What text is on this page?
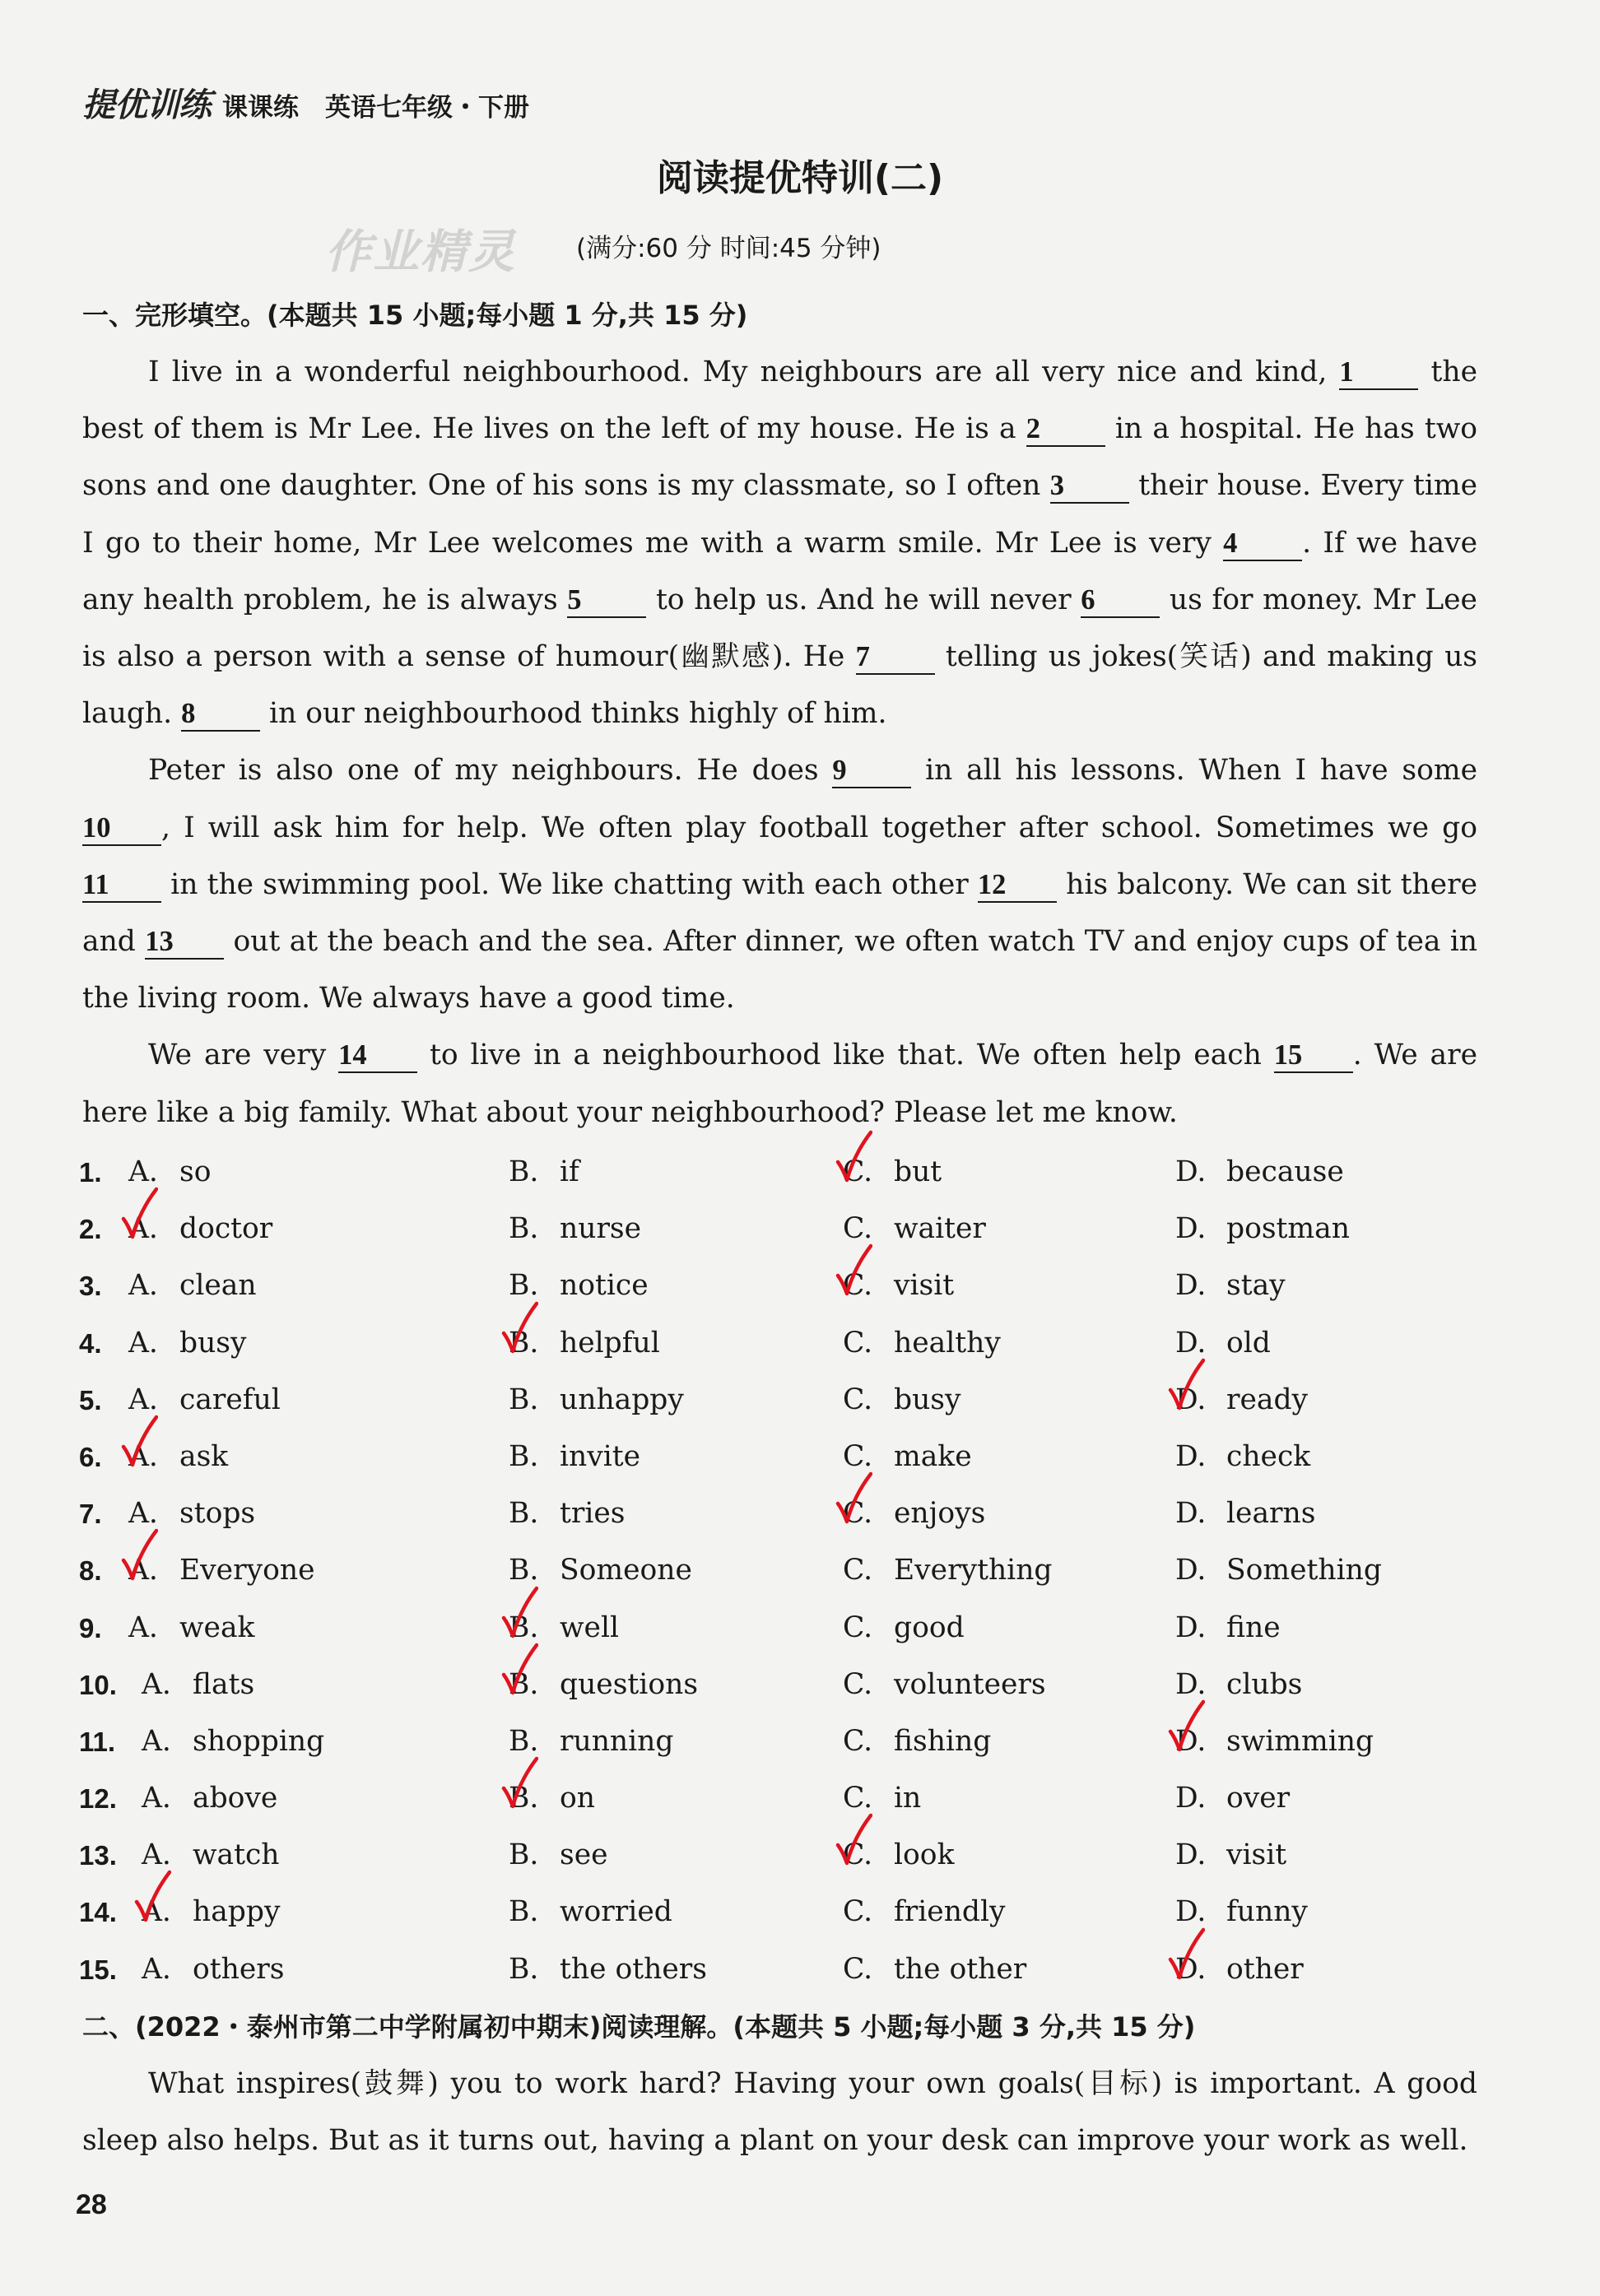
提优训练 课课练 英语七年级・下册
阅读提优特训(二)
作业精灵 (满分:60 分 时间:45 分钟)
一、完形填空。(本题共 15 小题;每小题 1 分,共 15 分)

I live in a wonderful neighbourhood. My neighbours are all very nice and kind, 1 the best of them is Mr Lee. He lives on the left of my house. He is a 2 in a hospital. He has two sons and one daughter. One of his sons is my classmate, so I often 3 their house. Every time I go to their home, Mr Lee welcomes me with a warm smile. Mr Lee is very 4 . If we have any health problem, he is always 5 to help us. And he will never 6 us for money. Mr Lee is also a person with a sense of humour(幽默感). He 7 telling us jokes(笑话) and making us laugh. 8 in our neighbourhood thinks highly of him.

Peter is also one of my neighbours. He does 9 in all his lessons. When I have some 10 , I will ask him for help. We often play football together after school. Sometimes we go 11 in the swimming pool. We like chatting with each other 12 his balcony. We can sit there and 13 out at the beach and the sea. After dinner, we often watch TV and enjoy cups of tea in the living room. We always have a good time.

We are very 14 to live in a neighbourhood like that. We often help each 15 . We are here like a big family. What about your neighbourhood? Please let me know.

1. A. so	B. if	C. but	D. because
2. A. doctor	B. nurse	C. waiter	D. postman
3. A. clean	B. notice	C. visit	D. stay
4. A. busy	B. helpful	C. healthy	D. old
5. A. careful	B. unhappy	C. busy	D. ready
6. A. ask	B. invite	C. make	D. check
7. A. stops	B. tries	C. enjoys	D. learns
8. A. Everyone	B. Someone	C. Everything	D. Something
9. A. weak	B. well	C. good	D. fine
10. A. flats	B. questions	C. volunteers	D. clubs
11. A. shopping	B. running	C. fishing	D. swimming
12. A. above	B. on	C. in	D. over
13. A. watch	B. see	C. look	D. visit
14. A. happy	B. worried	C. friendly	D. funny
15. A. others	B. the others	C. the other	D. other
二、(2022・泰州市第二中学附属初中期末)阅读理解。(本题共 5 小题;每小题 3 分,共 15 分)

What inspires(鼓舞) you to work hard? Having your own goals(目标) is important. A good sleep also helps. But as it turns out, having a plant on your desk can improve your work as well.

28
